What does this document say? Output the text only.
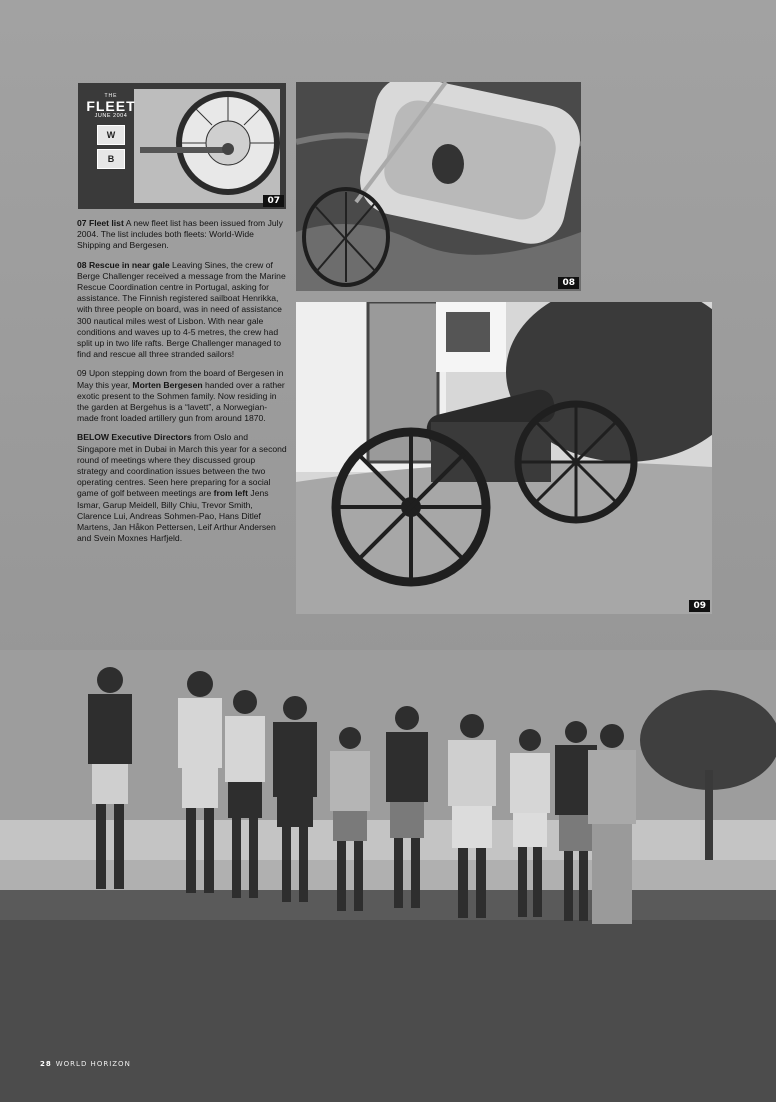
THE
FLEET
JUNE 2004
W
B
07
08
09

07 Fleet list A new fleet list has been issued from July 2004. The list includes both fleets: World-Wide Shipping and Bergesen.

08 Rescue in near gale Leaving Sines, the crew of Berge Challenger received a message from the Marine Rescue Coordination centre in Portugal, asking for assistance. The Finnish registered sailboat Henrikka, with three people on board, was in need of assistance 300 nautical miles west of Lisbon. With near gale conditions and waves up to 4-5 metres, the crew had split up in two life rafts. Berge Challenger managed to find and rescue all three stranded sailors!

09 Upon stepping down from the board of Bergesen in May this year, Morten Bergesen handed over a rather exotic present to the Sohmen family. Now residing in the garden at Bergehus is a “lavett”, a Norwegian-made front loaded artillery gun from around 1870.

BELOW Executive Directors from Oslo and Singapore met in Dubai in March this year for a second round of meetings where they discussed group strategy and coordination issues between the two operating centres. Seen here preparing for a social game of golf between meetings are from left Jens Ismar, Garup Meidell, Billy Chiu, Trevor Smith, Clarence Lui, Andreas Sohmen-Pao, Hans Ditlef Martens, Jan Håkon Pettersen, Leif Arthur Andersen and Svein Moxnes Harfjeld.

28 WORLD HORIZON
